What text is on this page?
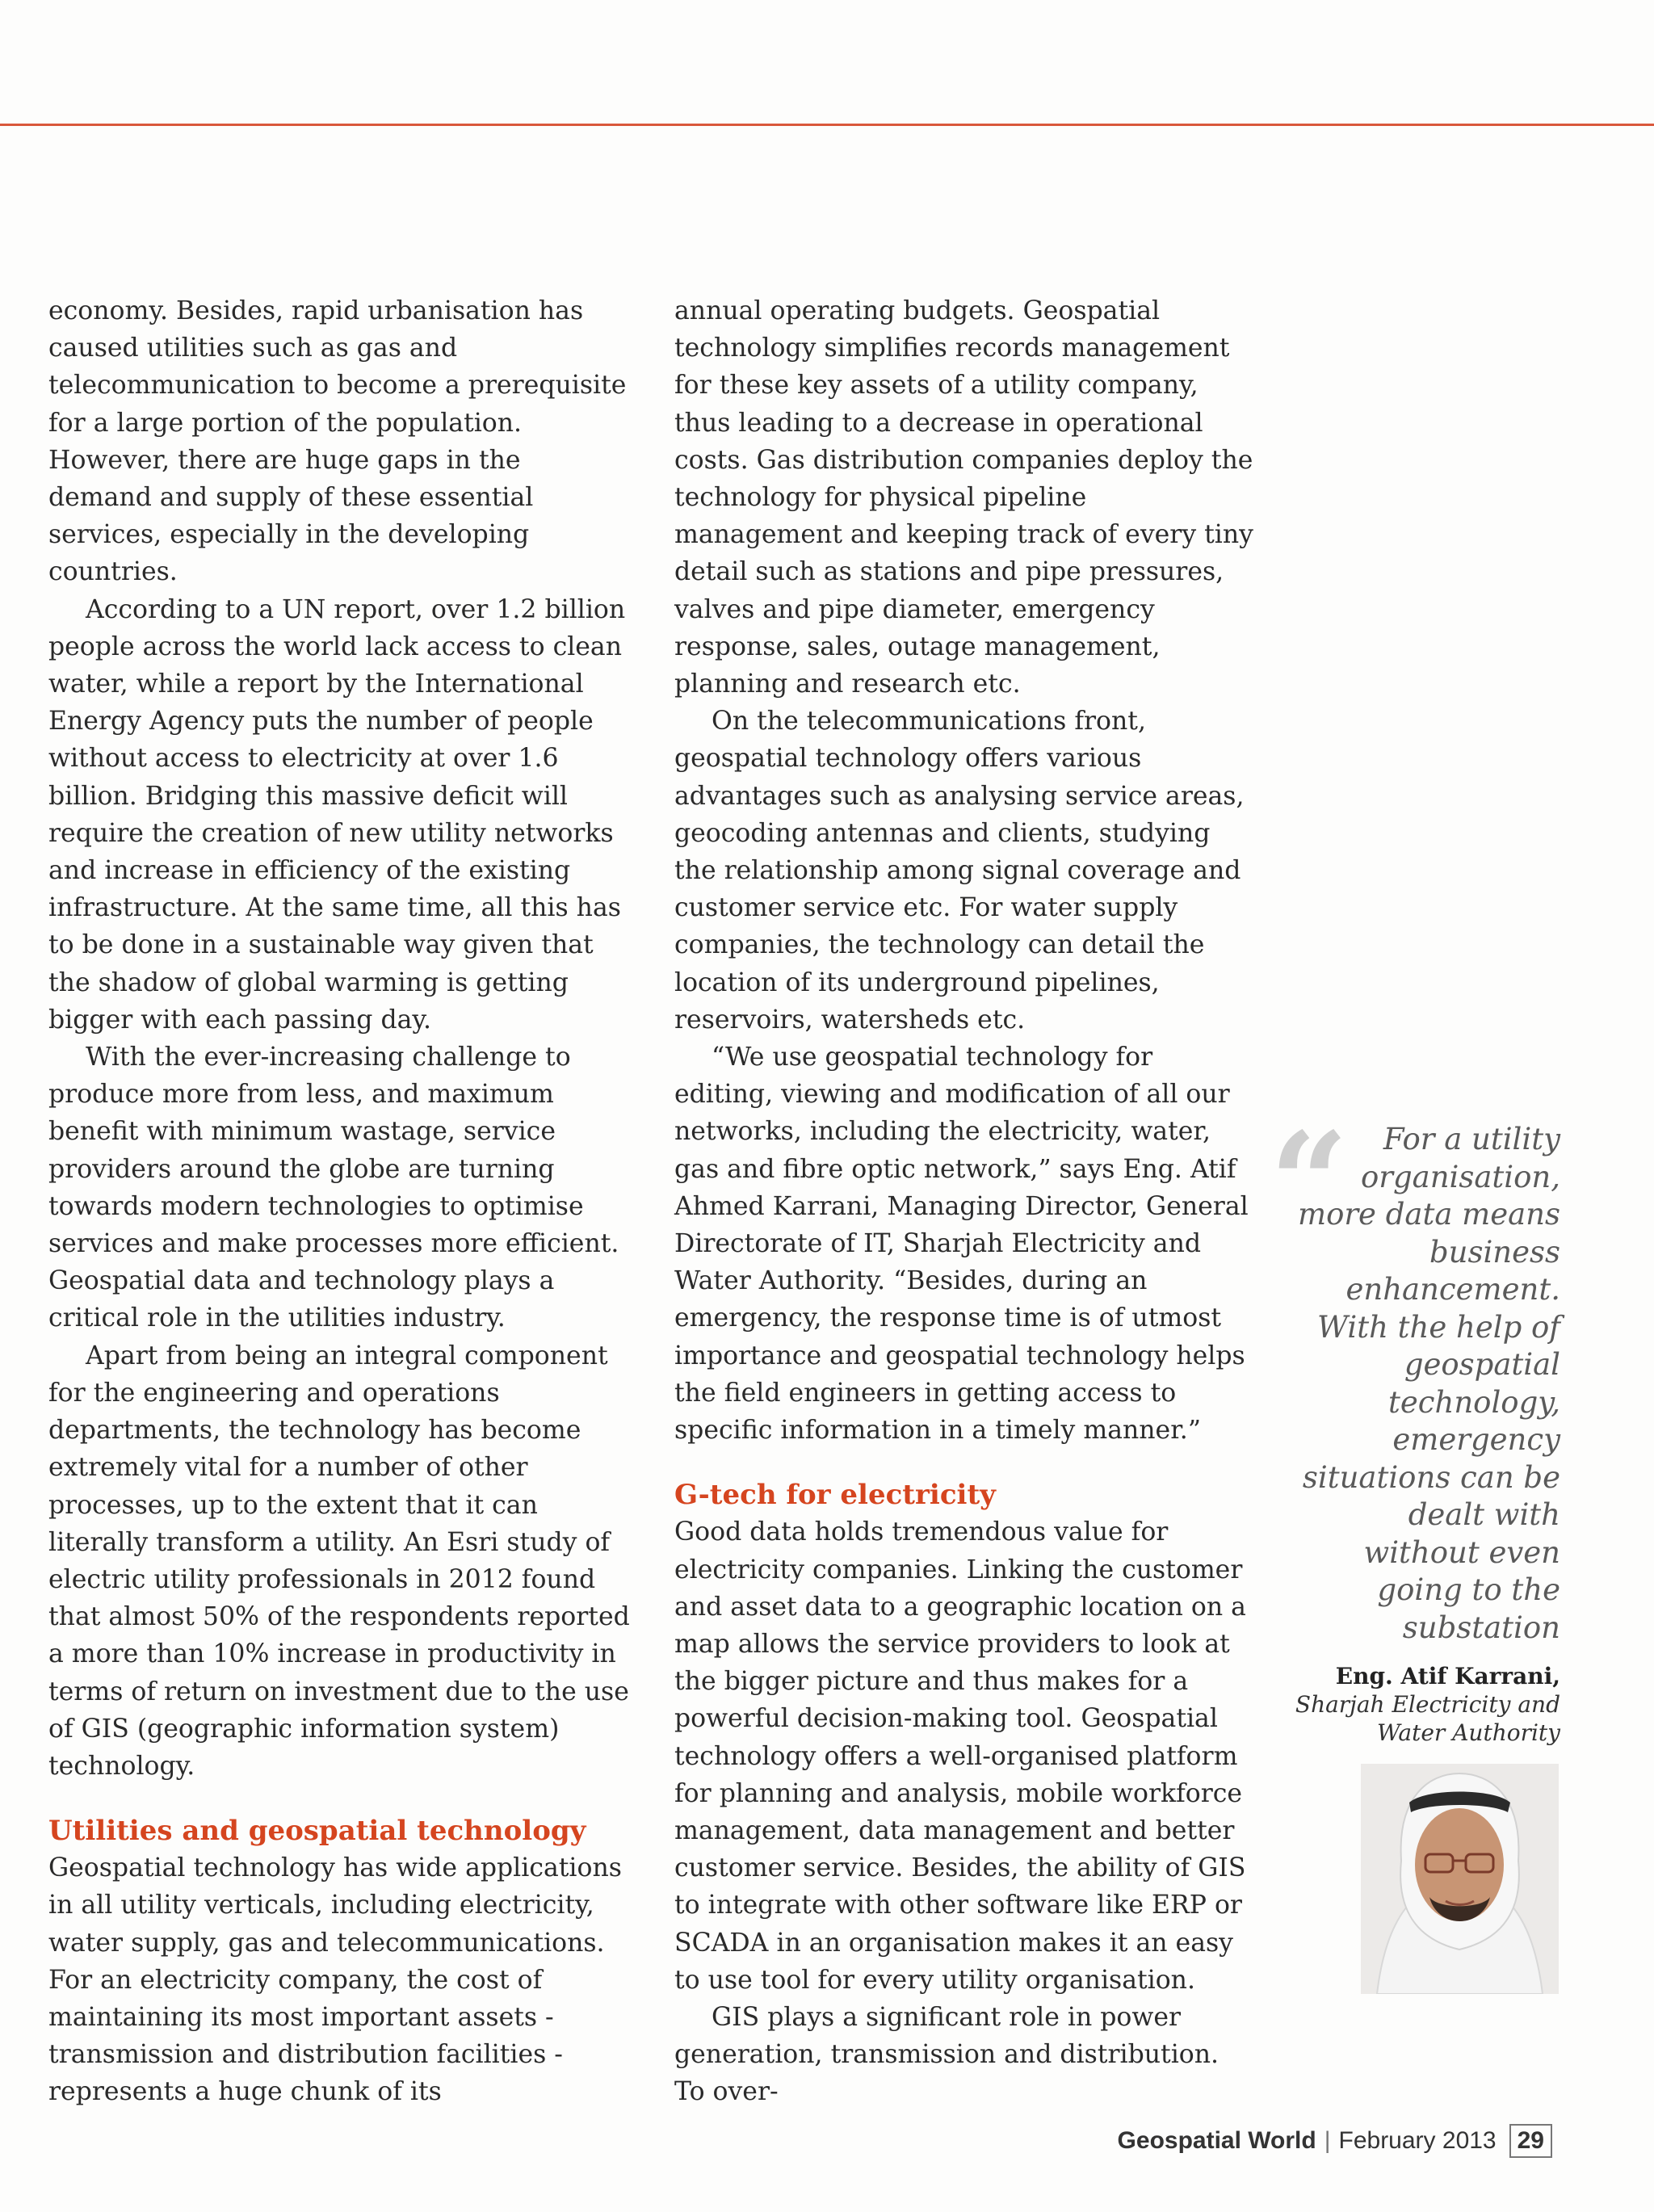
economy. Besides, rapid urbanisation has caused utilities such as gas and telecommunication to become a prerequisite for a large portion of the population. However, there are huge gaps in the demand and supply of these essential services, especially in the developing countries.

According to a UN report, over 1.2 billion people across the world lack access to clean water, while a report by the International Energy Agency puts the number of people without access to electricity at over 1.6 billion. Bridging this massive deficit will require the creation of new utility networks and increase in efficiency of the existing infrastructure. At the same time, all this has to be done in a sustainable way given that the shadow of global warming is getting bigger with each passing day.

With the ever-increasing challenge to produce more from less, and maximum benefit with minimum wastage, service providers around the globe are turning towards modern technologies to optimise services and make processes more efficient. Geospatial data and technology plays a critical role in the utilities industry.

Apart from being an integral component for the engineering and operations departments, the technology has become extremely vital for a number of other processes, up to the extent that it can literally transform a utility. An Esri study of electric utility professionals in 2012 found that almost 50% of the respondents reported a more than 10% increase in productivity in terms of return on investment due to the use of GIS (geographic information system) technology.

Utilities and geospatial technology

Geospatial technology has wide applications in all utility verticals, including electricity, water supply, gas and telecommunications. For an electricity company, the cost of maintaining its most important assets - transmission and distribution facilities - represents a huge chunk of its

annual operating budgets. Geospatial technology simplifies records management for these key assets of a utility company, thus leading to a decrease in operational costs. Gas distribution companies deploy the technology for physical pipeline management and keeping track of every tiny detail such as stations and pipe pressures, valves and pipe diameter, emergency response, sales, outage management, planning and research etc.

On the telecommunications front, geospatial technology offers various advantages such as analysing service areas, geocoding antennas and clients, studying the relationship among signal coverage and customer service etc. For water supply companies, the technology can detail the location of its underground pipelines, reservoirs, watersheds etc.

“We use geospatial technology for editing, viewing and modification of all our networks, including the electricity, water, gas and fibre optic network,” says Eng. Atif Ahmed Karrani, Managing Director, General Directorate of IT, Sharjah Electricity and Water Authority. “Besides, during an emergency, the response time is of utmost importance and geospatial technology helps the field engineers in getting access to specific information in a timely manner.”

G-tech for electricity

Good data holds tremendous value for electricity companies. Linking the customer and asset data to a geographic location on a map allows the service providers to look at the bigger picture and thus makes for a powerful decision-making tool. Geospatial technology offers a well-organised platform for planning and analysis, mobile workforce management, data management and better customer service. Besides, the ability of GIS to integrate with other software like ERP or SCADA in an organisation makes it an easy to use tool for every utility organisation.

GIS plays a significant role in power generation, transmission and distribution. To over-

“	For a utility organisation, more data means business enhancement. With the help of geospatial technology, emergency situations can be dealt with without even going to the substation
Eng. Atif Karrani,
Sharjah Electricity and
Water Authority
Geospatial World | February 2013 29
